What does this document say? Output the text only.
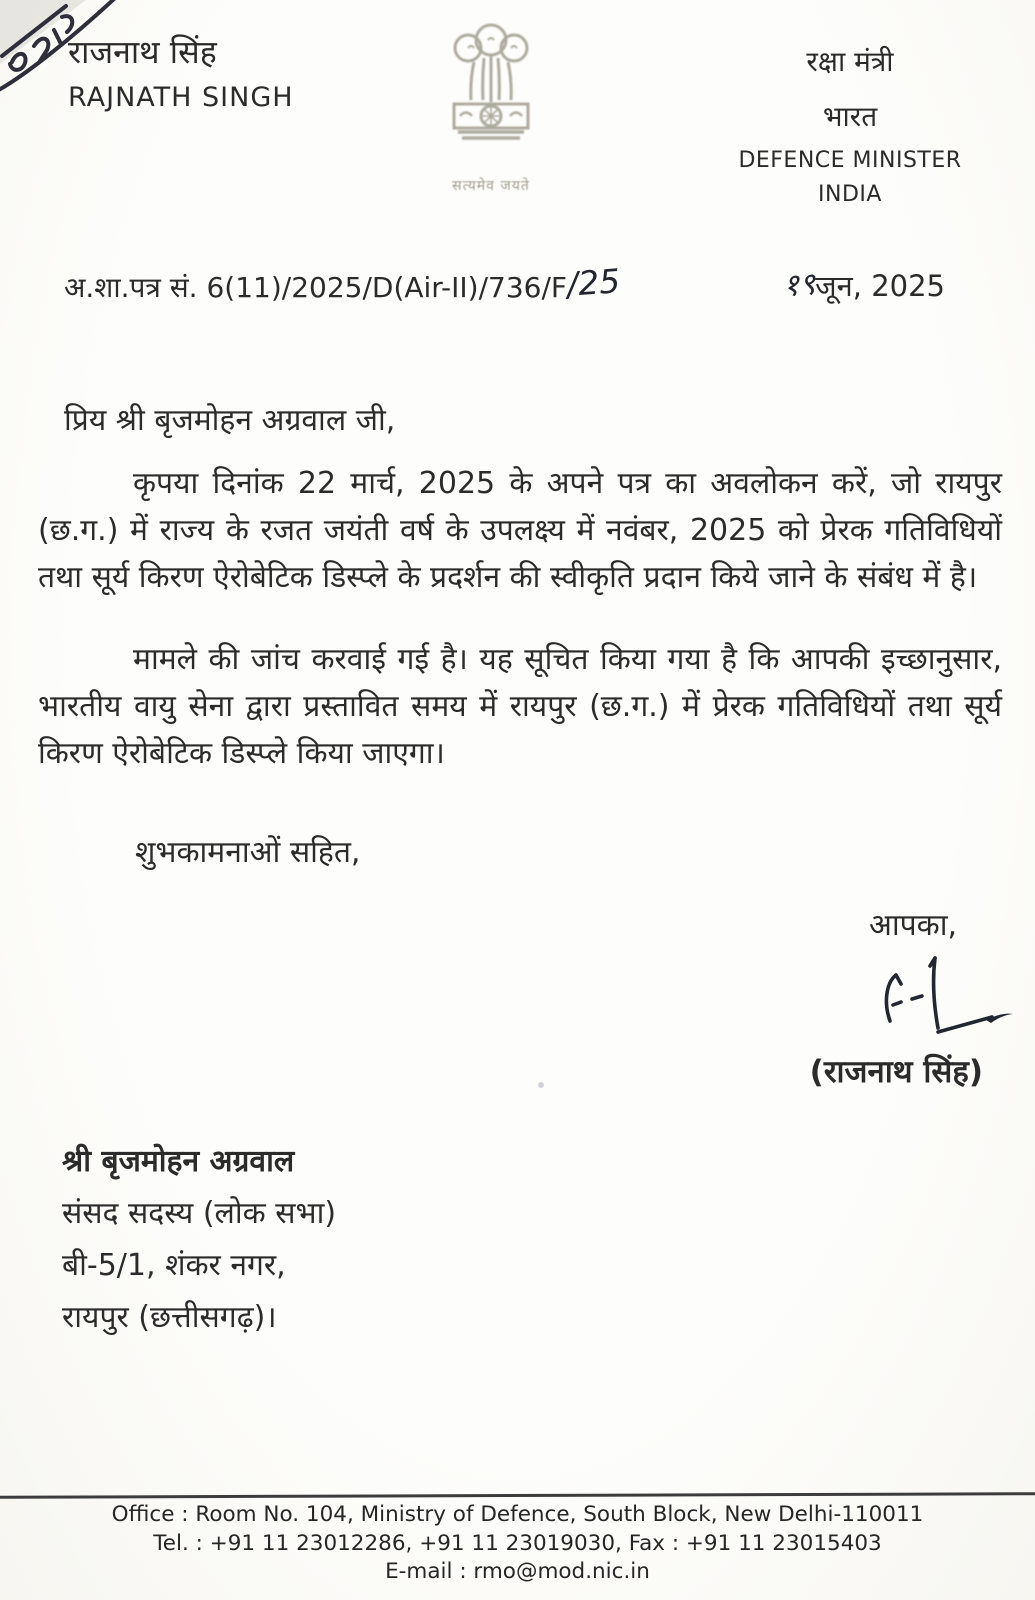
राजनाथ सिंह

RAJNATH SINGH

सत्यमेव जयते

रक्षा मंत्री

भारत

DEFENCE MINISTER

INDIA

अ.शा.पत्र सं. 6(11)/2025/D(Air-II)/736/F/25	१९जून, 2025
प्रिय श्री बृजमोहन अग्रवाल जी,

कृपया दिनांक 22 मार्च, 2025 के अपने पत्र का अवलोकन करें, जो रायपुर (छ.ग.) में राज्य के रजत जयंती वर्ष के उपलक्ष्य में नवंबर, 2025 को प्रेरक गतिविधियों तथा सूर्य किरण ऐरोबेटिक डिस्प्ले के प्रदर्शन की स्वीकृति प्रदान किये जाने के संबंध में है।

मामले की जांच करवाई गई है। यह सूचित किया गया है कि आपकी इच्छानुसार, भारतीय वायु सेना द्वारा प्रस्तावित समय में रायपुर (छ.ग.) में प्रेरक गतिविधियों तथा सूर्य किरण ऐरोबेटिक डिस्प्ले किया जाएगा।

शुभकामनाओं सहित,
आपका,
(राजनाथ सिंह)
श्री बृजमोहन अग्रवाल
संसद सदस्य (लोक सभा)
बी-5/1, शंकर नगर,
रायपुर (छत्तीसगढ़)।
Office : Room No. 104, Ministry of Defence, South Block, New Delhi-110011
Tel. : +91 11 23012286, +91 11 23019030, Fax : +91 11 23015403
E-mail : rmo@mod.nic.in
